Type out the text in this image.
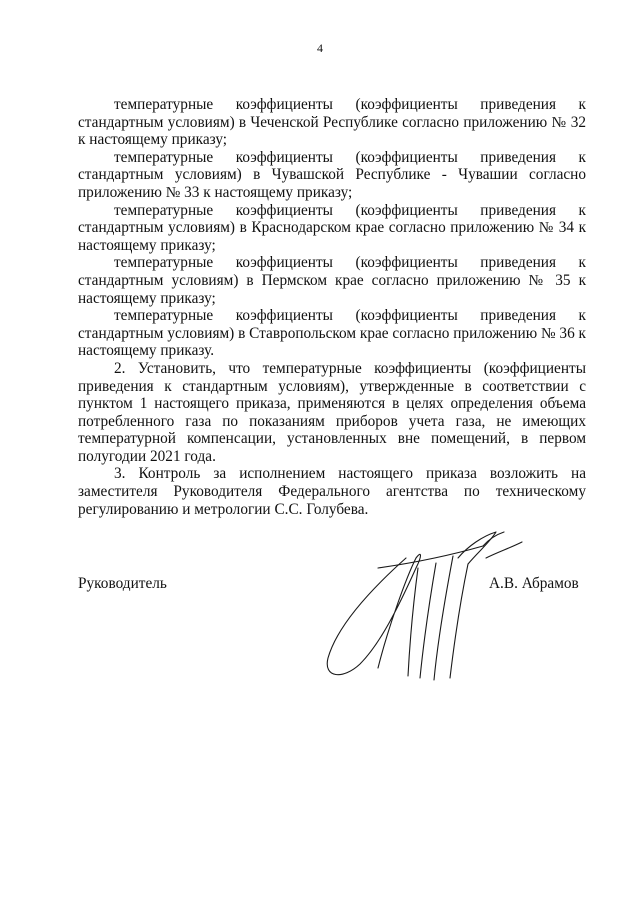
4

температурные коэффициенты (коэффициенты приведения к стандартным условиям) в Чеченской Республике согласно приложению № 32 к настоящему приказу;

температурные коэффициенты (коэффициенты приведения к стандартным условиям) в Чувашской Республике - Чувашии согласно приложению № 33 к настоящему приказу;

температурные коэффициенты (коэффициенты приведения к стандартным условиям) в Краснодарском крае согласно приложению № 34 к настоящему приказу;

температурные коэффициенты (коэффициенты приведения к стандартным условиям) в Пермском крае согласно приложению № 35 к настоящему приказу;

температурные коэффициенты (коэффициенты приведения к стандартным условиям) в Ставропольском крае согласно приложению № 36 к настоящему приказу.

2. Установить, что температурные коэффициенты (коэффициенты приведения к стандартным условиям), утвержденные в соответствии с пунктом 1 настоящего приказа, применяются в целях определения объема потребленного газа по показаниям приборов учета газа, не имеющих температурной компенсации, установленных вне помещений, в первом полугодии 2021 года.

3. Контроль за исполнением настоящего приказа возложить на заместителя Руководителя Федерального агентства по техническому регулированию и метрологии С.С. Голубева.

Руководитель	А.В. Абрамов
